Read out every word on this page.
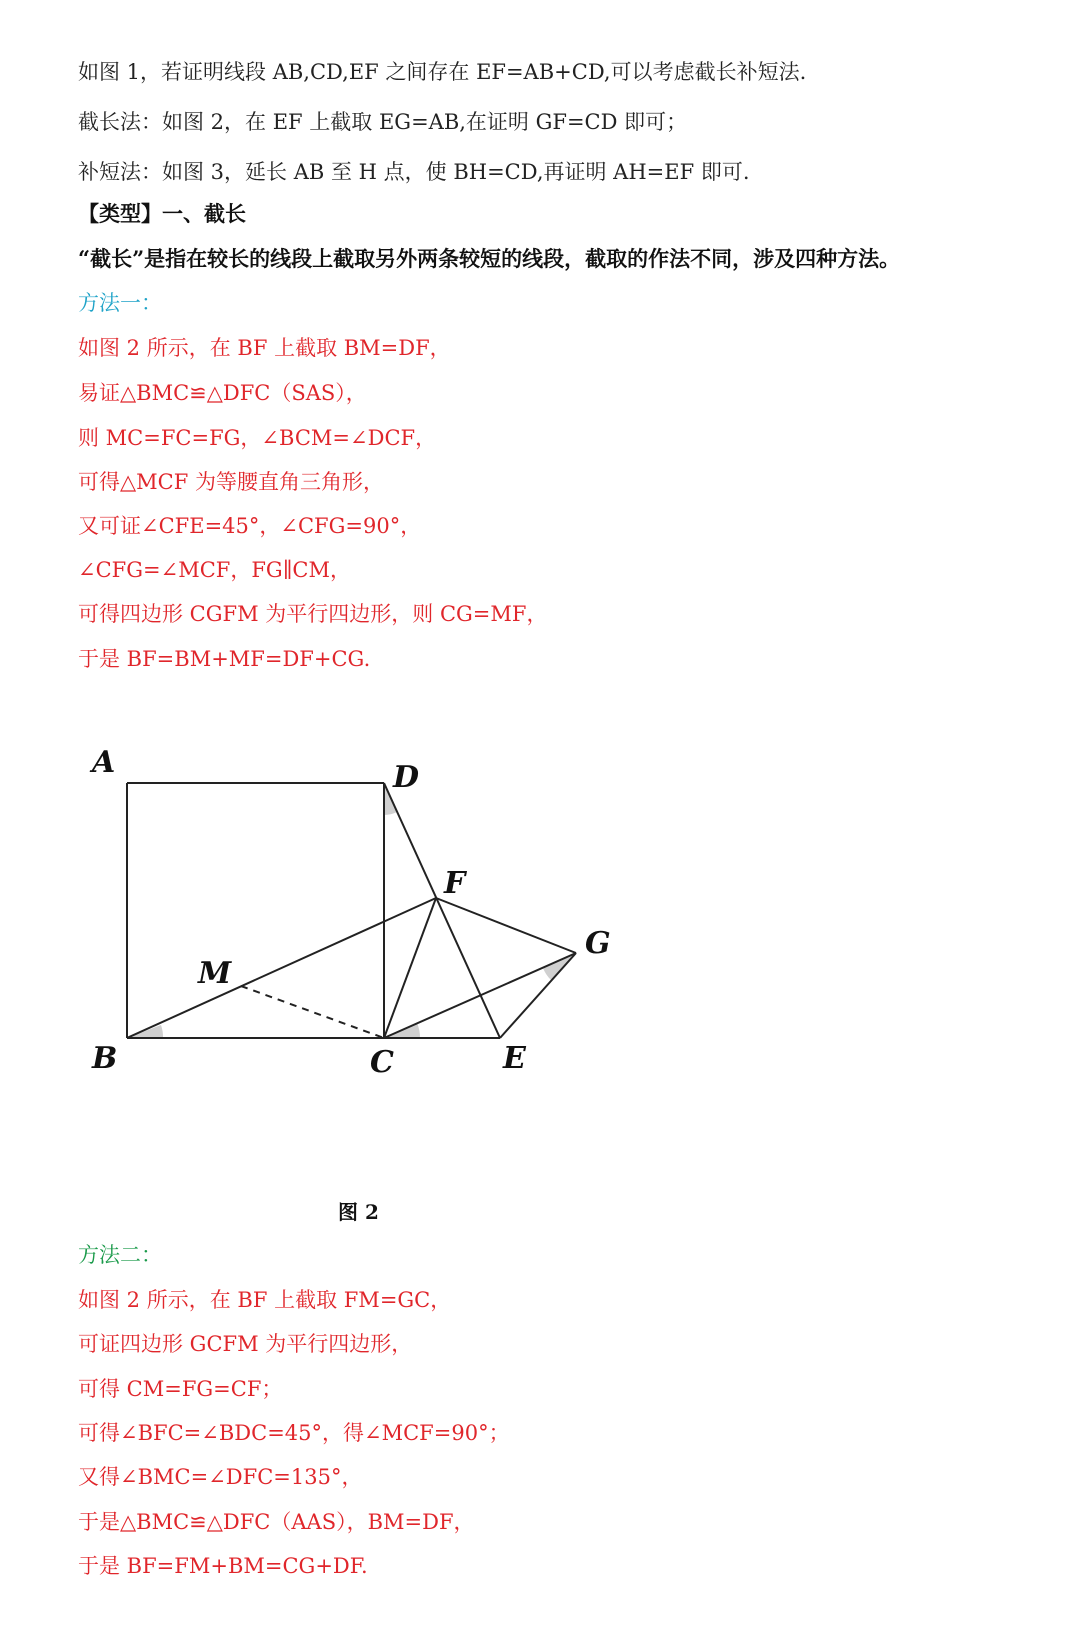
如图 1，若证明线段 AB,CD,EF 之间存在 EF=AB+CD,可以考虑截长补短法.
截长法：如图 2，在 EF 上截取 EG=AB,在证明 GF=CD 即可；
补短法：如图 3，延长 AB 至 H 点，使 BH=CD,再证明 AH=EF 即可.
【类型】一、截长
“截长”是指在较长的线段上截取另外两条较短的线段，截取的作法不同，涉及四种方法。
方法一：
如图 2 所示，在 BF 上截取 BM=DF，
易证△BMC≌△DFC（SAS），
则 MC=FC=FG，∠BCM=∠DCF，
可得△MCF 为等腰直角三角形，
又可证∠CFE=45°，∠CFG=90°，
∠CFG=∠MCF，FG∥CM，
可得四边形 CGFM 为平行四边形，则 CG=MF，
于是 BF=BM+MF=DF+CG.
A	D
F
G
M
B	C	E
图 2
方法二：
如图 2 所示，在 BF 上截取 FM=GC，
可证四边形 GCFM 为平行四边形，
可得 CM=FG=CF；
可得∠BFC=∠BDC=45°，得∠MCF=90°；
又得∠BMC=∠DFC=135°，
于是△BMC≌△DFC（AAS），BM=DF，
于是 BF=FM+BM=CG+DF.
